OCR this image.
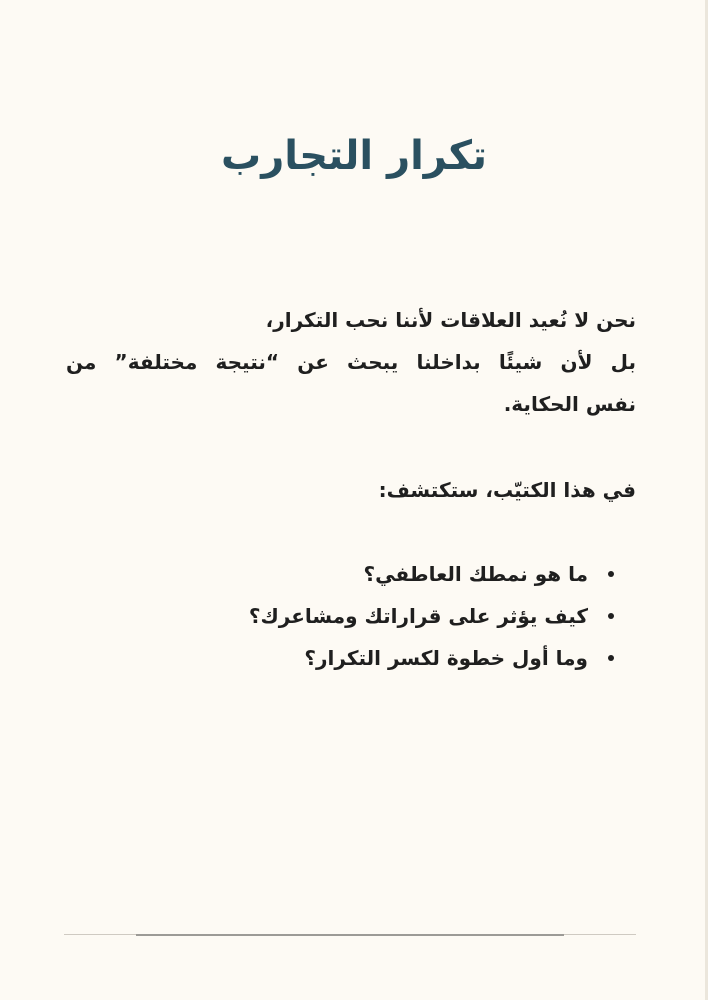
تكرار التجارب

نحن لا نُعيد العلاقات لأننا نحب التكرار،
بل لأن شيئًا بداخلنا يبحث عن “نتيجة مختلفة” من
نفس الحكاية.

في هذا الكتيّب، ستكتشف:

ما هو نمطك العاطفي؟
كيف يؤثر على قراراتك ومشاعرك؟
وما أول خطوة لكسر التكرار؟
